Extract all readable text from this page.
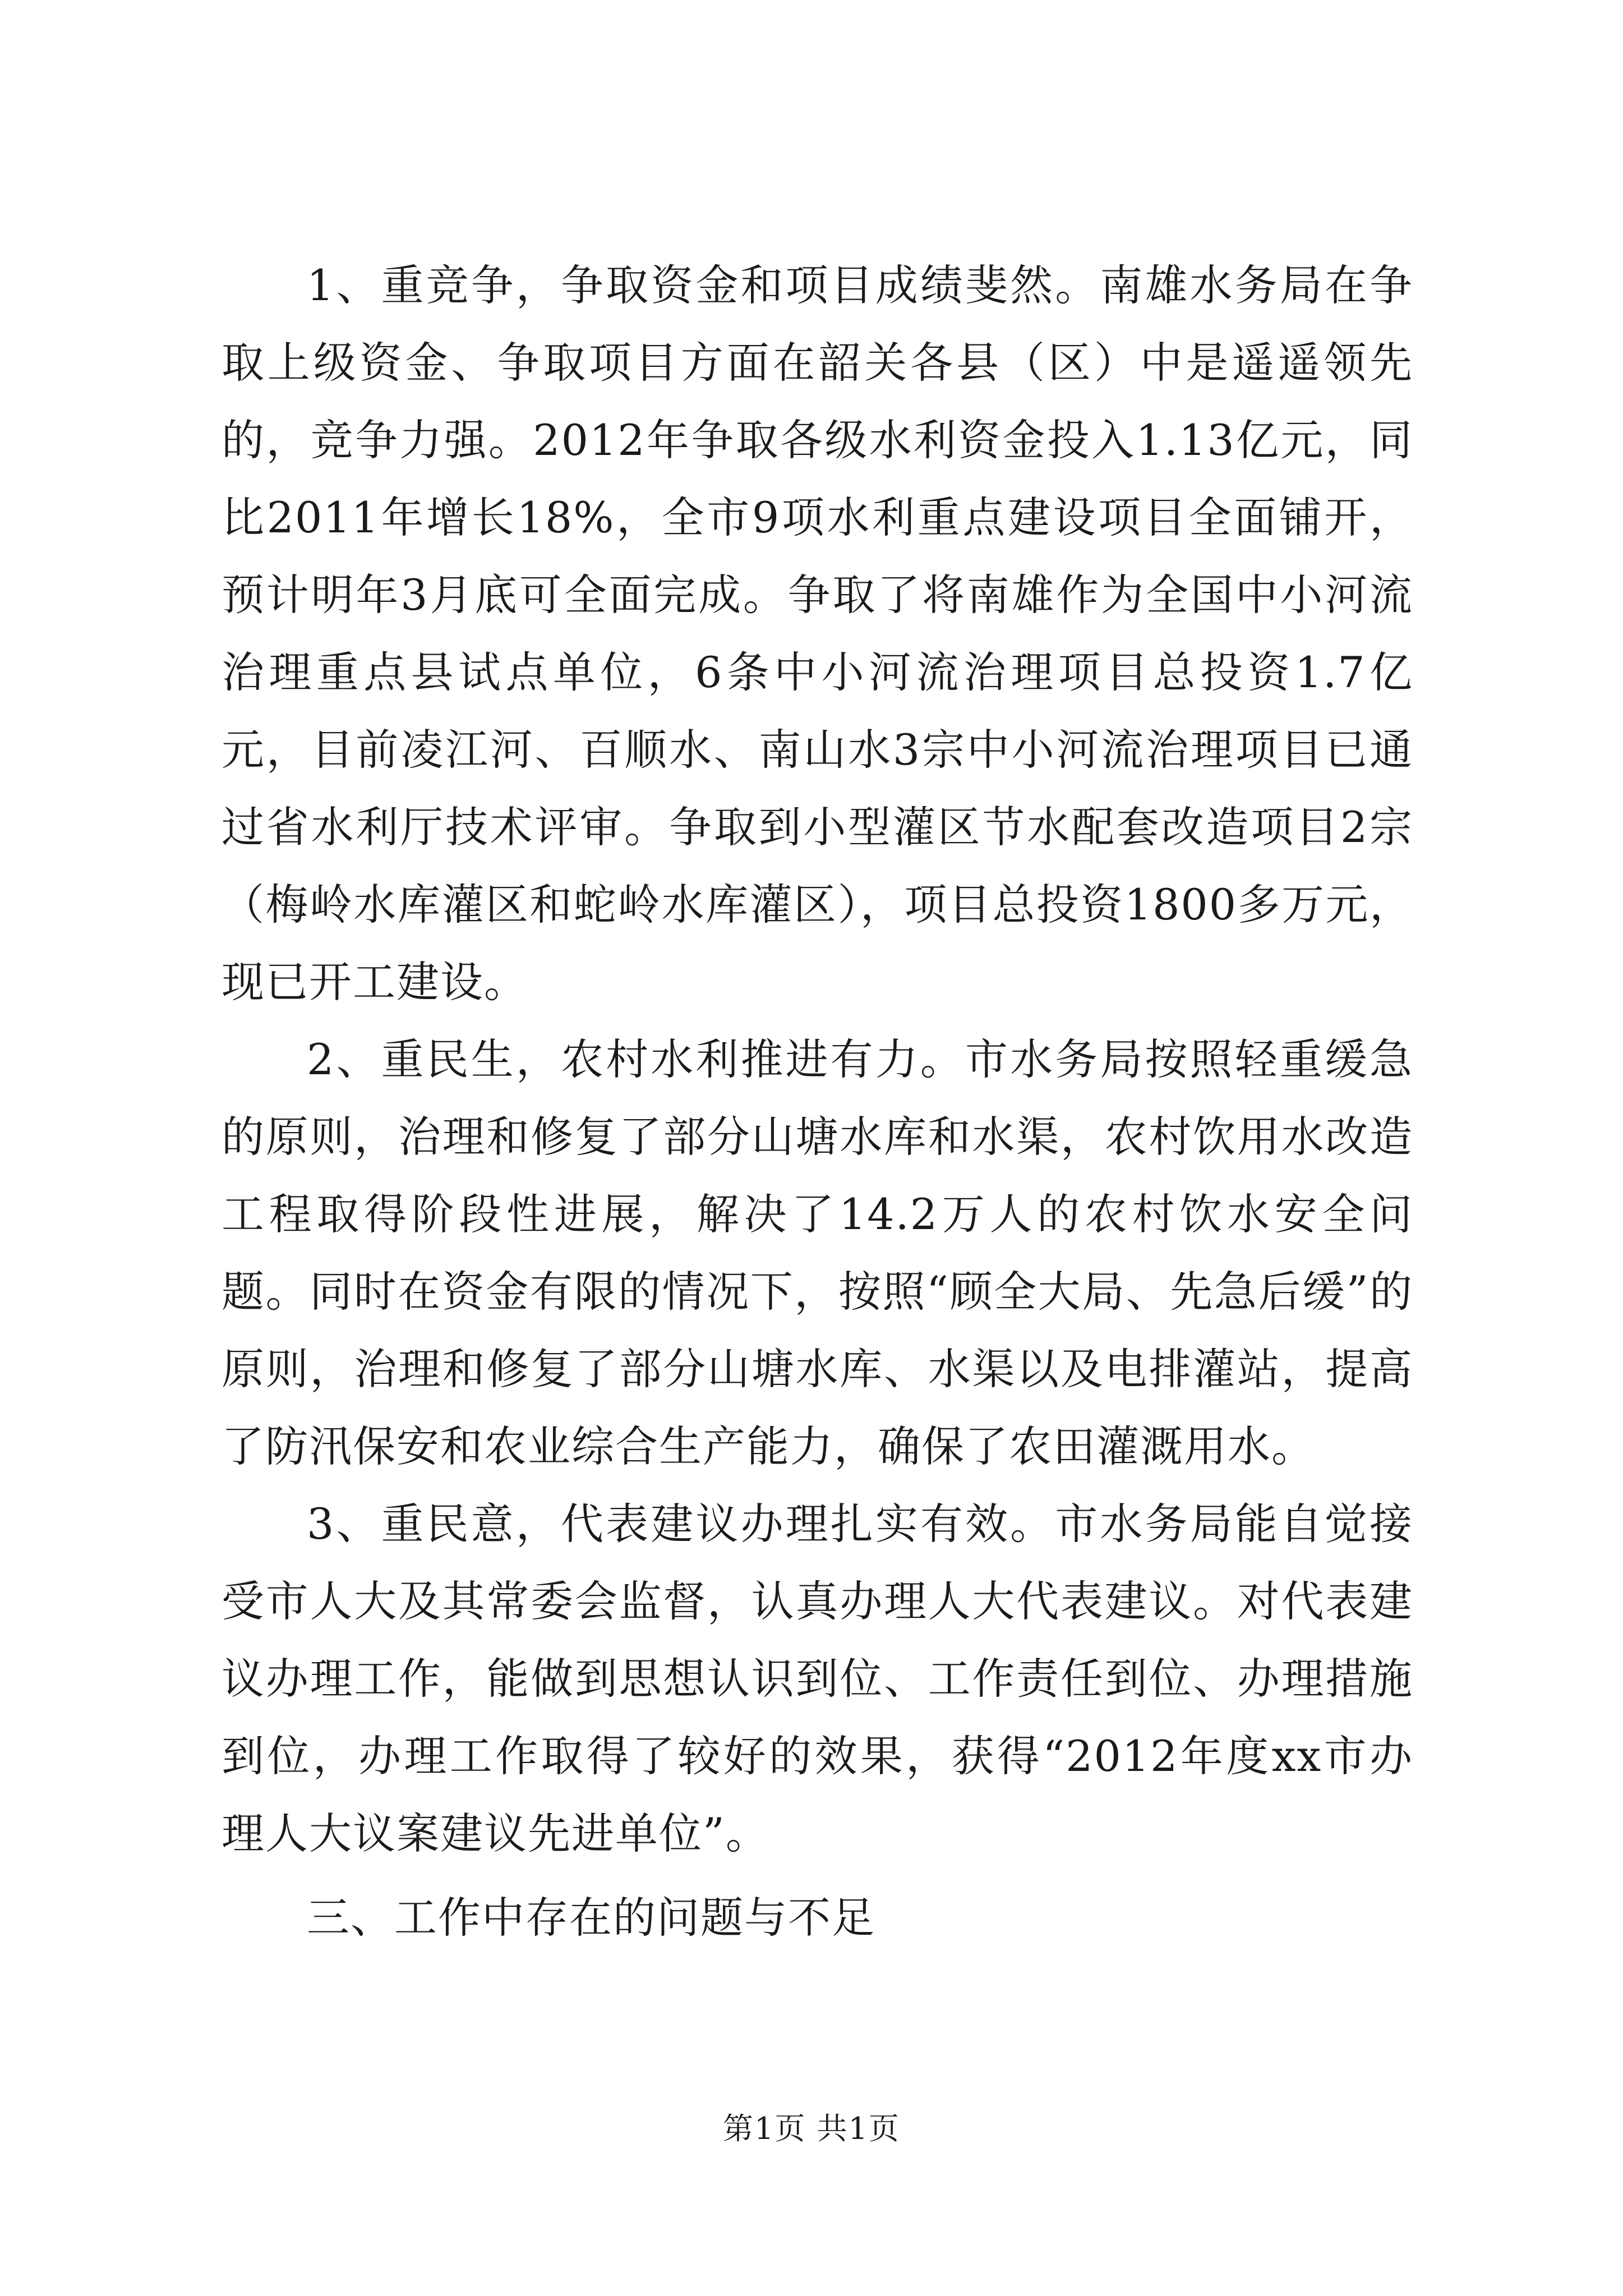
1、重竞争，争取资金和项目成绩斐然。南雄水务局在争取上级资金、争取项目方面在韶关各县（区）中是遥遥领先的，竞争力强。2012年争取各级水利资金投入1.13亿元，同比2011年增长18%，全市9项水利重点建设项目全面铺开，预计明年3月底可全面完成。争取了将南雄作为全国中小河流治理重点县试点单位，6条中小河流治理项目总投资1.7亿元，目前凌江河、百顺水、南山水3宗中小河流治理项目已通过省水利厅技术评审。争取到小型灌区节水配套改造项目2宗（梅岭水库灌区和蛇岭水库灌区），项目总投资1800多万元，现已开工建设。

2、重民生，农村水利推进有力。市水务局按照轻重缓急的原则，治理和修复了部分山塘水库和水渠，农村饮用水改造工程取得阶段性进展，解决了14.2万人的农村饮水安全问题。同时在资金有限的情况下，按照“顾全大局、先急后缓”的原则，治理和修复了部分山塘水库、水渠以及电排灌站，提高了防汛保安和农业综合生产能力，确保了农田灌溉用水。

3、重民意，代表建议办理扎实有效。市水务局能自觉接受市人大及其常委会监督，认真办理人大代表建议。对代表建议办理工作，能做到思想认识到位、工作责任到位、办理措施到位，办理工作取得了较好的效果，获得“2012年度xx市办理人大议案建议先进单位”。

三、工作中存在的问题与不足

第1页 共1页
